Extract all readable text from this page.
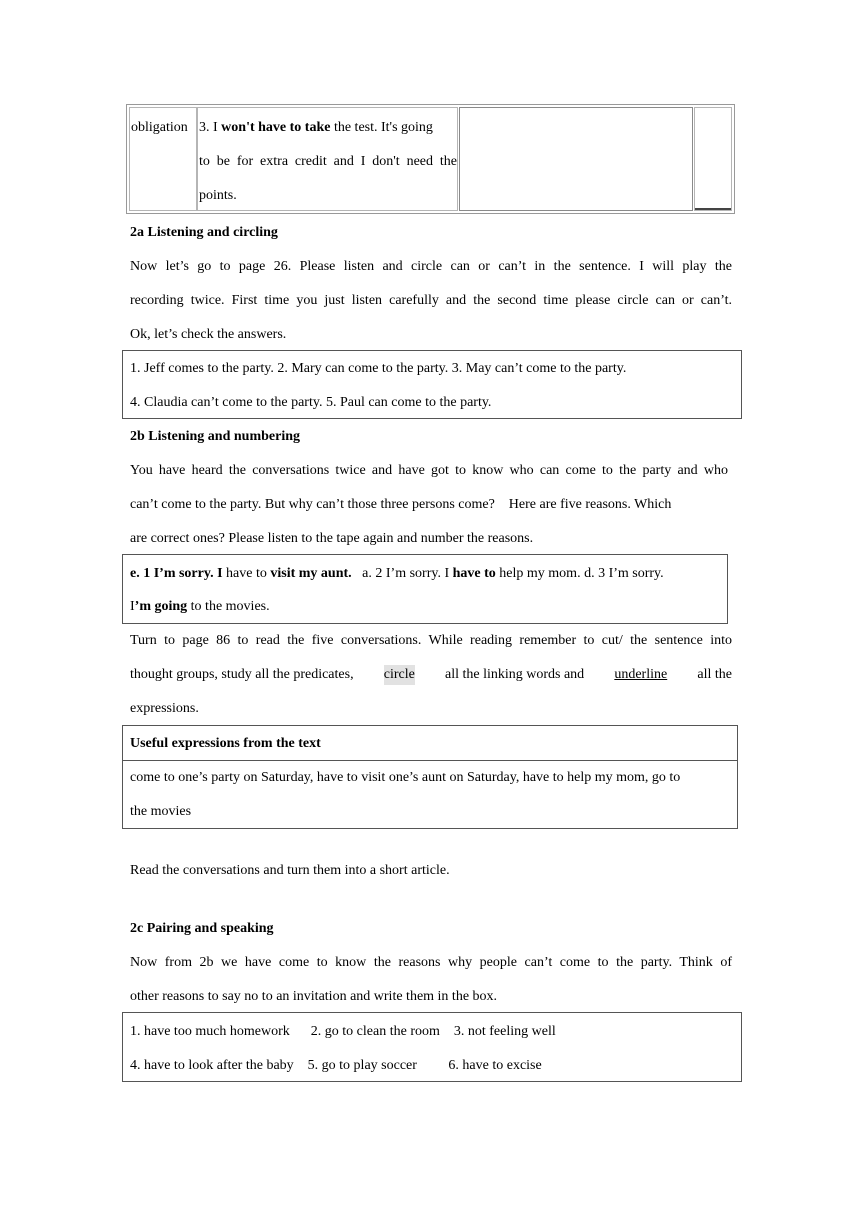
obligation 3. I won't have to take the test. It's going
to be for extra credit and I don't need the
points.

2a Listening and circling

Now let’s go to page 26. Please listen and circle can or can’t in the sentence. I will play the

recording twice. First time you just listen carefully and the second time please circle can or can’t.

Ok, let’s check the answers.

1. Jeff comes to the party. 2. Mary can come to the party. 3. May can’t come to the party.
4. Claudia can’t come to the party. 5. Paul can come to the party.

2b Listening and numbering

You have heard the conversations twice and have got to know who can come to the party and who

can’t come to the party. But why can’t those three persons come?    Here are five reasons. Which

are correct ones? Please listen to the tape again and number the reasons.

e. 1 I’m sorry. I have to visit my aunt.   a. 2 I’m sorry. I have to help my mom. d. 3 I’m sorry.
I’m going to the movies.

Turn to page 86 to read the five conversations. While reading remember to cut/ the sentence into

thought groups, study all the predicates, circle all the linking words and underline all the

expressions.

Useful expressions from the text
come to one’s party on Saturday, have to visit one’s aunt on Saturday, have to help my mom, go to
the movies

Read the conversations and turn them into a short article.

2c Pairing and speaking

Now from 2b we have come to know the reasons why people can’t come to the party. Think of

other reasons to say no to an invitation and write them in the box.

1. have too much homework      2. go to clean the room    3. not feeling well
4. have to look after the baby    5. go to play soccer         6. have to excise
